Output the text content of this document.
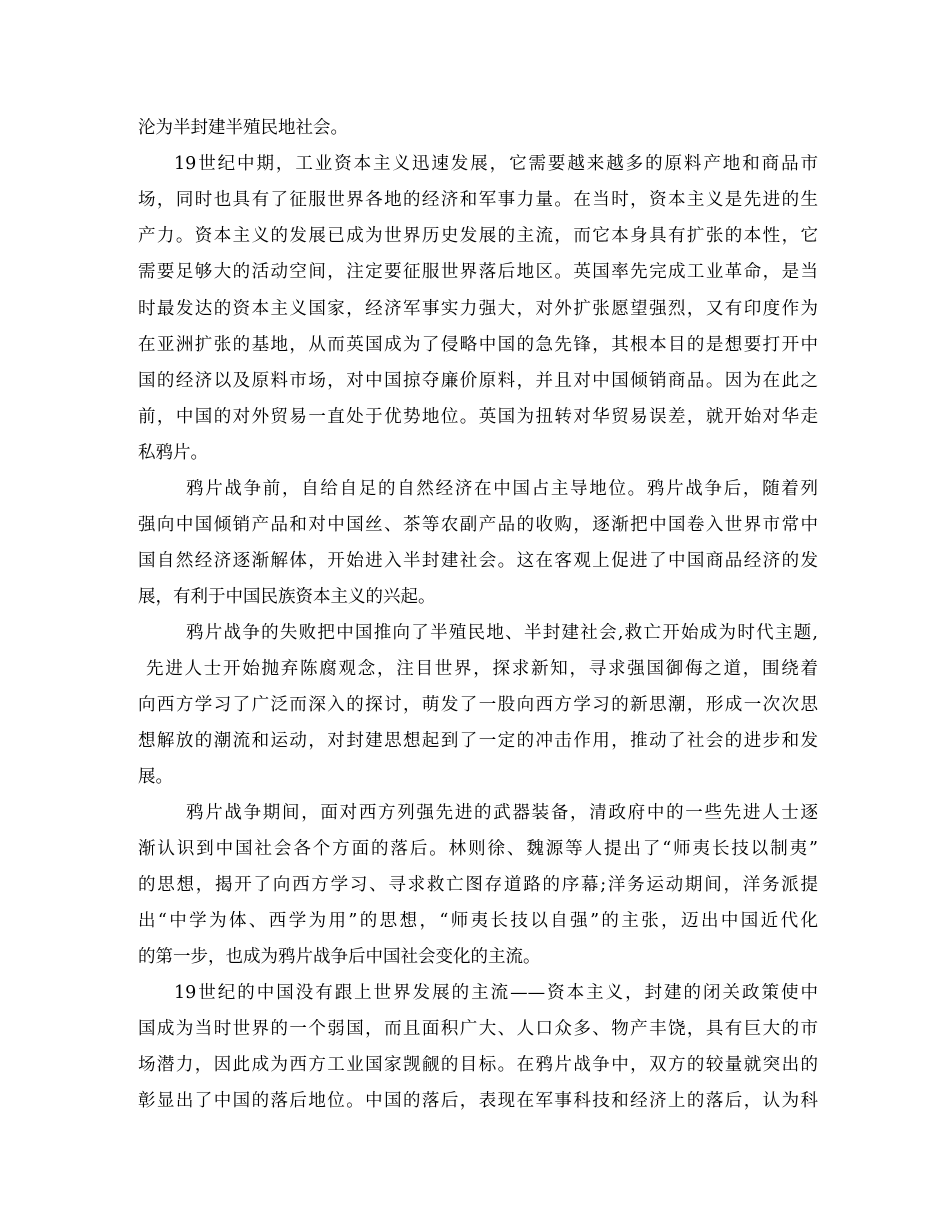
沦为半封建半殖民地社会。
19世纪中期，工业资本主义迅速发展，它需要越来越多的原料产地和商品市
场，同时也具有了征服世界各地的经济和军事力量。在当时，资本主义是先进的生
产力。资本主义的发展已成为世界历史发展的主流，而它本身具有扩张的本性，它
需要足够大的活动空间，注定要征服世界落后地区。英国率先完成工业革命，是当
时最发达的资本主义国家，经济军事实力强大，对外扩张愿望强烈，又有印度作为
在亚洲扩张的基地，从而英国成为了侵略中国的急先锋，其根本目的是想要打开中
国的经济以及原料市场，对中国掠夺廉价原料，并且对中国倾销商品。因为在此之
前，中国的对外贸易一直处于优势地位。英国为扭转对华贸易误差，就开始对华走
私鸦片。
鸦片战争前，自给自足的自然经济在中国占主导地位。鸦片战争后，随着列
强向中国倾销产品和对中国丝、茶等农副产品的收购，逐渐把中国卷入世界市常中
国自然经济逐渐解体，开始进入半封建社会。这在客观上促进了中国商品经济的发
展，有利于中国民族资本主义的兴起。
鸦片战争的失败把中国推向了半殖民地、半封建社会,救亡开始成为时代主题,
先进人士开始抛弃陈腐观念，注目世界，探求新知，寻求强国御侮之道，围绕着
向西方学习了广泛而深入的探讨，萌发了一股向西方学习的新思潮，形成一次次思
想解放的潮流和运动，对封建思想起到了一定的冲击作用，推动了社会的进步和发
展。
鸦片战争期间，面对西方列强先进的武器装备，清政府中的一些先进人士逐
渐认识到中国社会各个方面的落后。林则徐、魏源等人提出了“师夷长技以制夷”
的思想，揭开了向西方学习、寻求救亡图存道路的序幕;洋务运动期间，洋务派提
出“中学为体、西学为用”的思想，“师夷长技以自强”的主张，迈出中国近代化
的第一步，也成为鸦片战争后中国社会变化的主流。
19世纪的中国没有跟上世界发展的主流——资本主义，封建的闭关政策使中
国成为当时世界的一个弱国，而且面积广大、人口众多、物产丰饶，具有巨大的市
场潜力，因此成为西方工业国家觊觎的目标。在鸦片战争中，双方的较量就突出的
彰显出了中国的落后地位。中国的落后，表现在军事科技和经济上的落后，认为科
